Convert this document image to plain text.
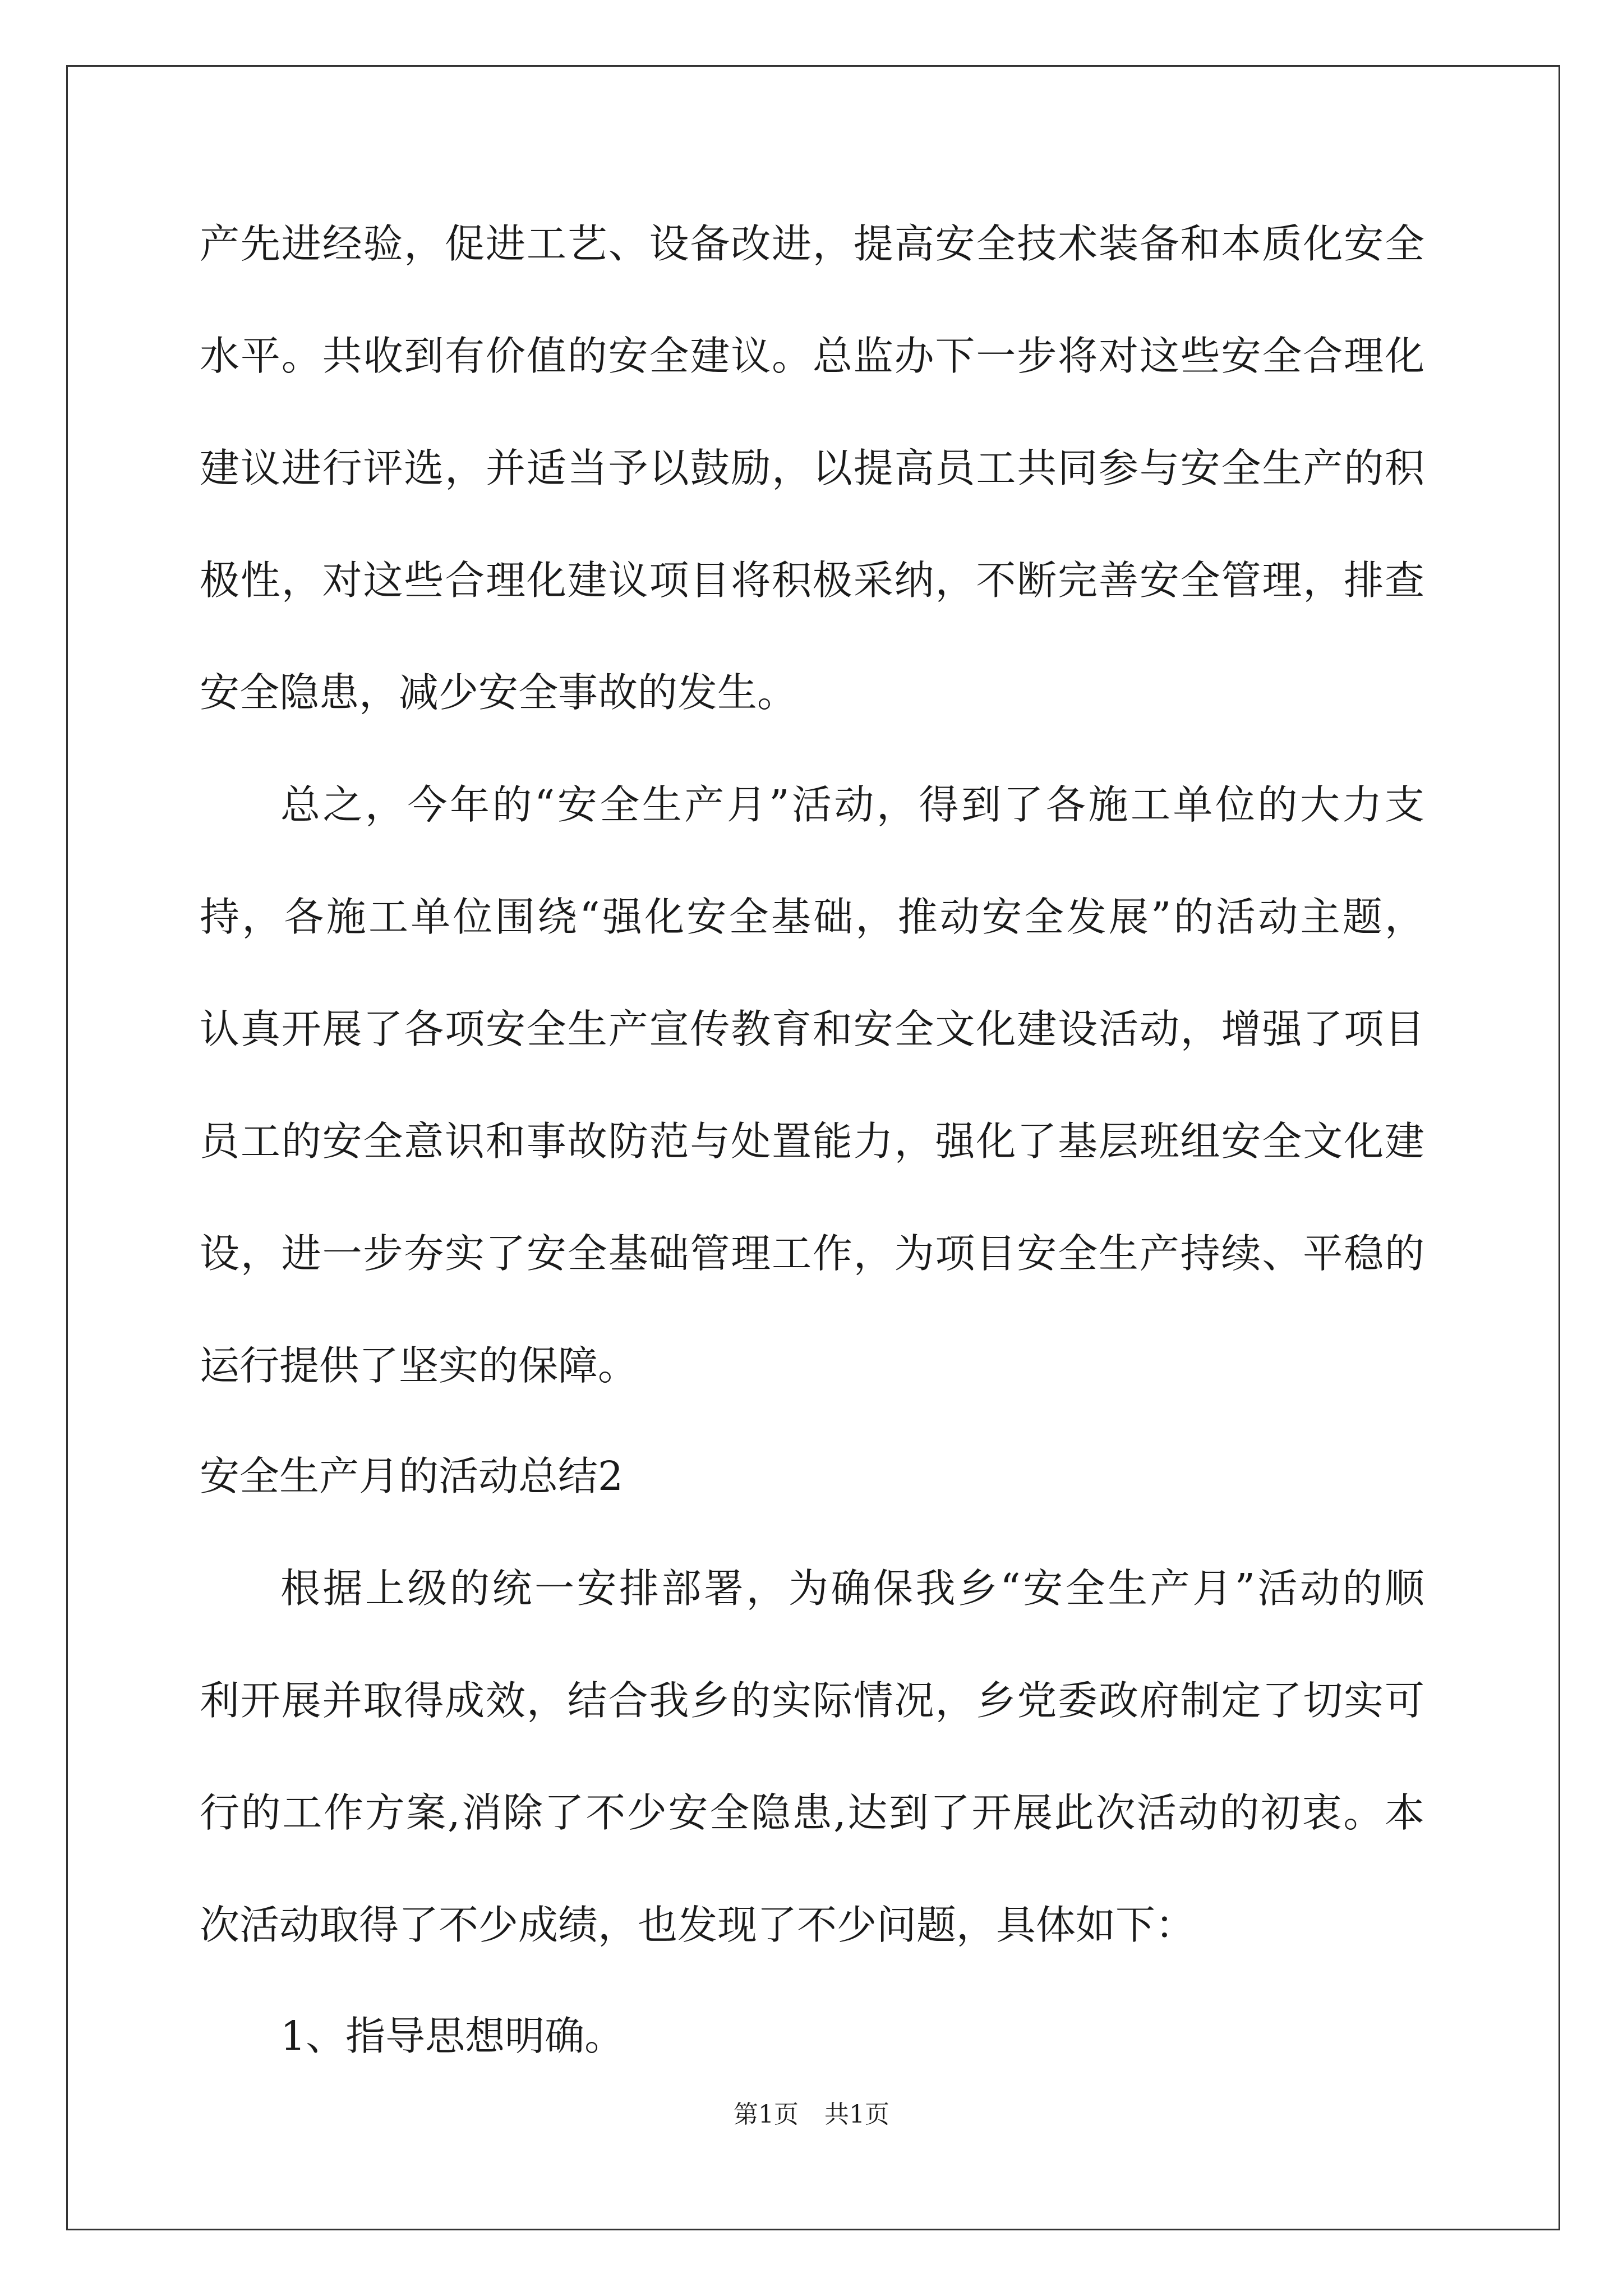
产先进经验，促进工艺、设备改进，提高安全技术装备和本质化安全
水平。共收到有价值的安全建议。总监办下一步将对这些安全合理化
建议进行评选，并适当予以鼓励，以提高员工共同参与安全生产的积
极性，对这些合理化建议项目将积极采纳，不断完善安全管理，排查
安全隐患，减少安全事故的发生。
总之，今年的“安全生产月”活动，得到了各施工单位的大力支
持，各施工单位围绕“强化安全基础，推动安全发展”的活动主题，
认真开展了各项安全生产宣传教育和安全文化建设活动，增强了项目
员工的安全意识和事故防范与处置能力，强化了基层班组安全文化建
设，进一步夯实了安全基础管理工作，为项目安全生产持续、平稳的
运行提供了坚实的保障。
安全生产月的活动总结2
根据上级的统一安排部署，为确保我乡“安全生产月”活动的顺
利开展并取得成效，结合我乡的实际情况，乡党委政府制定了切实可
行的工作方案,消除了不少安全隐患,达到了开展此次活动的初衷。本
次活动取得了不少成绩，也发现了不少问题，具体如下：
1、指导思想明确。
第1页 共1页
